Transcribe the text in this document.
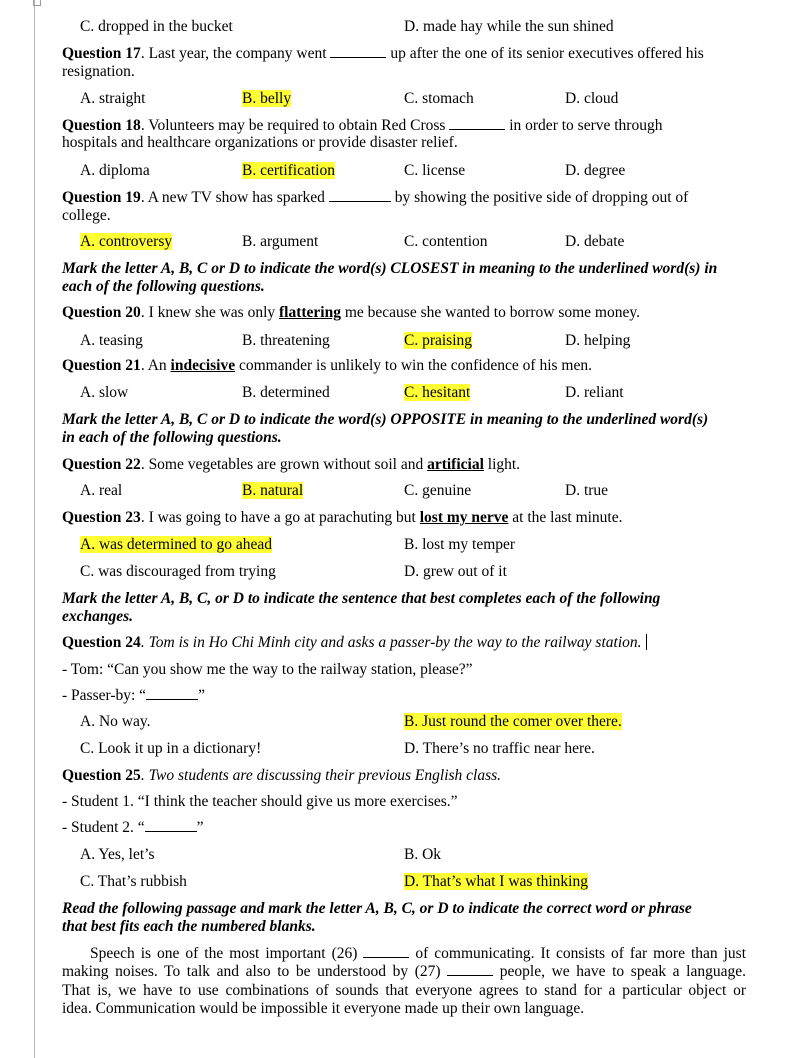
C. dropped in the bucket	D. made hay while the sun shined
Question 17. Last year, the company went	up after the one of its senior executives offered his
resignation.
A. straight	B. belly	C. stomach	D. cloud
Question 18. Volunteers may be required to obtain Red Cross	in order to serve through
hospitals and healthcare organizations or provide disaster relief.
A. diploma	B. certification	C. license	D. degree
Question 19. A new TV show has sparked	by showing the positive side of dropping out of
college.
A. controversy	B. argument	C. contention	D. debate
Mark the letter A, B, C or D to indicate the word(s) CLOSEST in meaning to the underlined word(s) in
each of the following questions.
Question 20. I knew she was only flattering me because she wanted to borrow some money.
A. teasing	B. threatening	C. praising	D. helping
Question 21. An indecisive commander is unlikely to win the confidence of his men.
A. slow	B. determined	C. hesitant	D. reliant
Mark the letter A, B, C or D to indicate the word(s) OPPOSITE in meaning to the underlined word(s)
in each of the following questions.
Question 22. Some vegetables are grown without soil and artificial light.
A. real	B. natural	C. genuine	D. true
Question 23. I was going to have a go at parachuting but lost my nerve at the last minute.
A. was determined to go ahead	B. lost my temper
C. was discouraged from trying	D. grew out of it
Mark the letter A, B, C, or D to indicate the sentence that best completes each of the following
exchanges.
Question 24. Tom is in Ho Chi Minh city and asks a passer-by the way to the railway station.
- Tom: “Can you show me the way to the railway station, please?”
- Passer-by: “	”
A. No way.	B. Just round the comer over there.
C. Look it up in a dictionary!	D. There’s no traffic near here.
Question 25. Two students are discussing their previous English class.
- Student 1. “I think the teacher should give us more exercises.”
- Student 2. “	”
A. Yes, let’s	B. Ok
C. That’s rubbish	D. That’s what I was thinking
Read the following passage and mark the letter A, B, C, or D to indicate the correct word or phrase
that best fits each the numbered blanks.
Speech is one of the most important (26)	of communicating. It consists of far more than just
making noises. To talk and also to be understood by (27)	people, we have to speak a language.
That is, we have to use combinations of sounds that everyone agrees to stand for a particular object or
idea. Communication would be impossible it everyone made up their own language.
